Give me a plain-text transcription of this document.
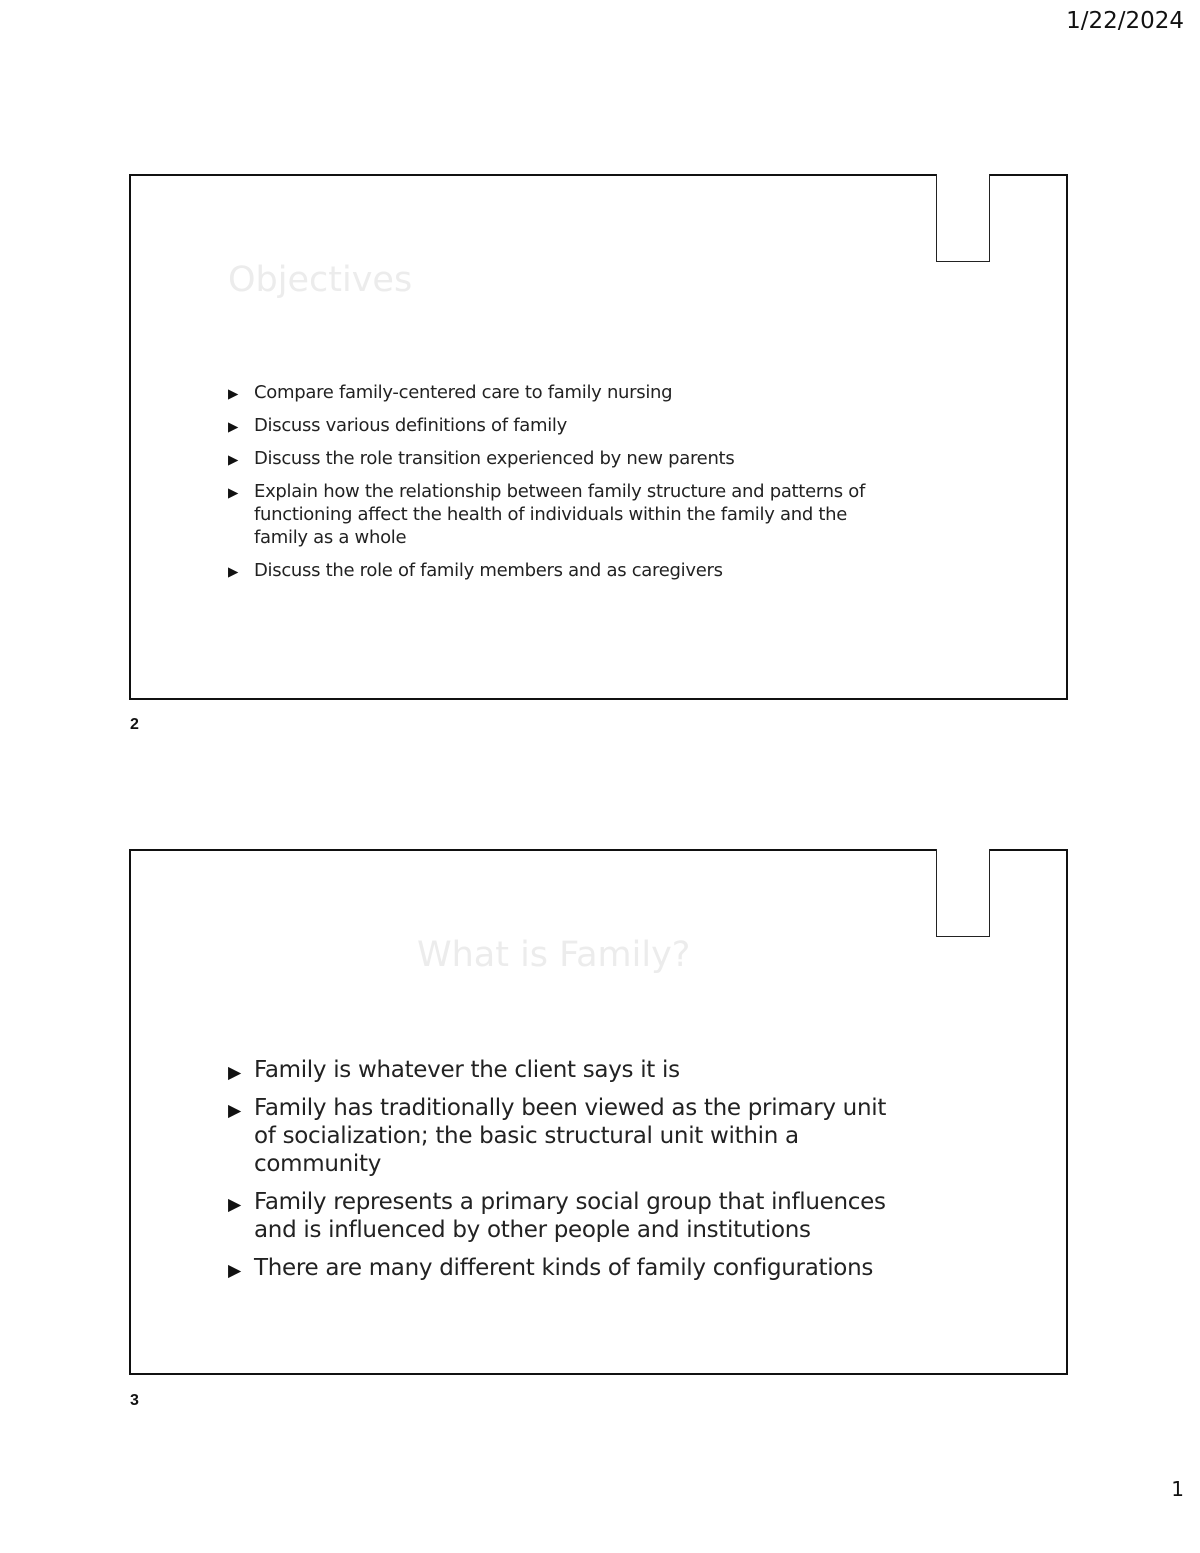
1/22/2024
Objectives
▶ Compare family-centered care to family nursing
▶ Discuss various definitions of family
▶ Discuss the role transition experienced by new parents
▶ Explain how the relationship between family structure and patterns of functioning affect the health of individuals within the family and the family as a whole
▶ Discuss the role of family members and as caregivers
2
What is Family?
▶ Family is whatever the client says it is
▶ Family has traditionally been viewed as the primary unit of socialization; the basic structural unit within a community
▶ Family represents a primary social group that influences and is influenced by other people and institutions
▶ There are many different kinds of family configurations
3
1
